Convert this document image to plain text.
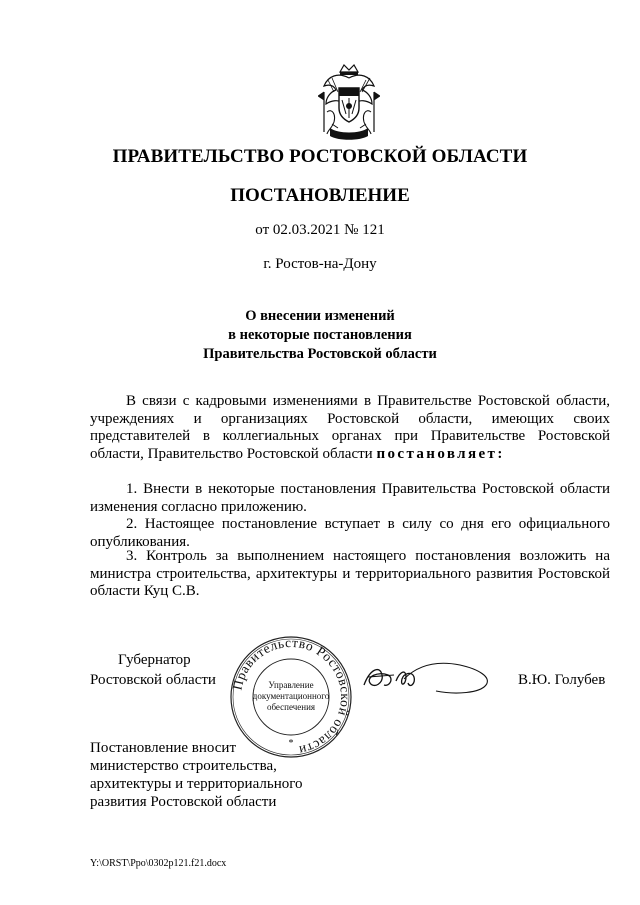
ПРАВИТЕЛЬСТВО РОСТОВСКОЙ ОБЛАСТИ
ПОСТАНОВЛЕНИЕ
от 02.03.2021 № 121
г. Ростов-на-Дону
О внесении изменений
в некоторые постановления
Правительства Ростовской области
В связи с кадровыми изменениями в Правительстве Ростовской области, учреждениях и организациях Ростовской области, имеющих своих представителей в коллегиальных органах при Правительстве Ростовской области, Правительство Ростовской области постановляет:
1. Внести в некоторые постановления Правительства Ростовской области изменения согласно приложению.
2. Настоящее постановление вступает в силу со дня его официального опубликования.
3. Контроль за выполнением настоящего постановления возложить на министра строительства, архитектуры и территориального развития Ростовской области Куц С.В.
Губернатор
Ростовской области Правительство Ростовской области
Управление
документационного
обеспечения
*
В.Ю. Голубев
Постановление вносит
министерство строительства,
архитектуры и территориального
развития Ростовской области
Y:\ORST\Ppo\0302p121.f21.docx
